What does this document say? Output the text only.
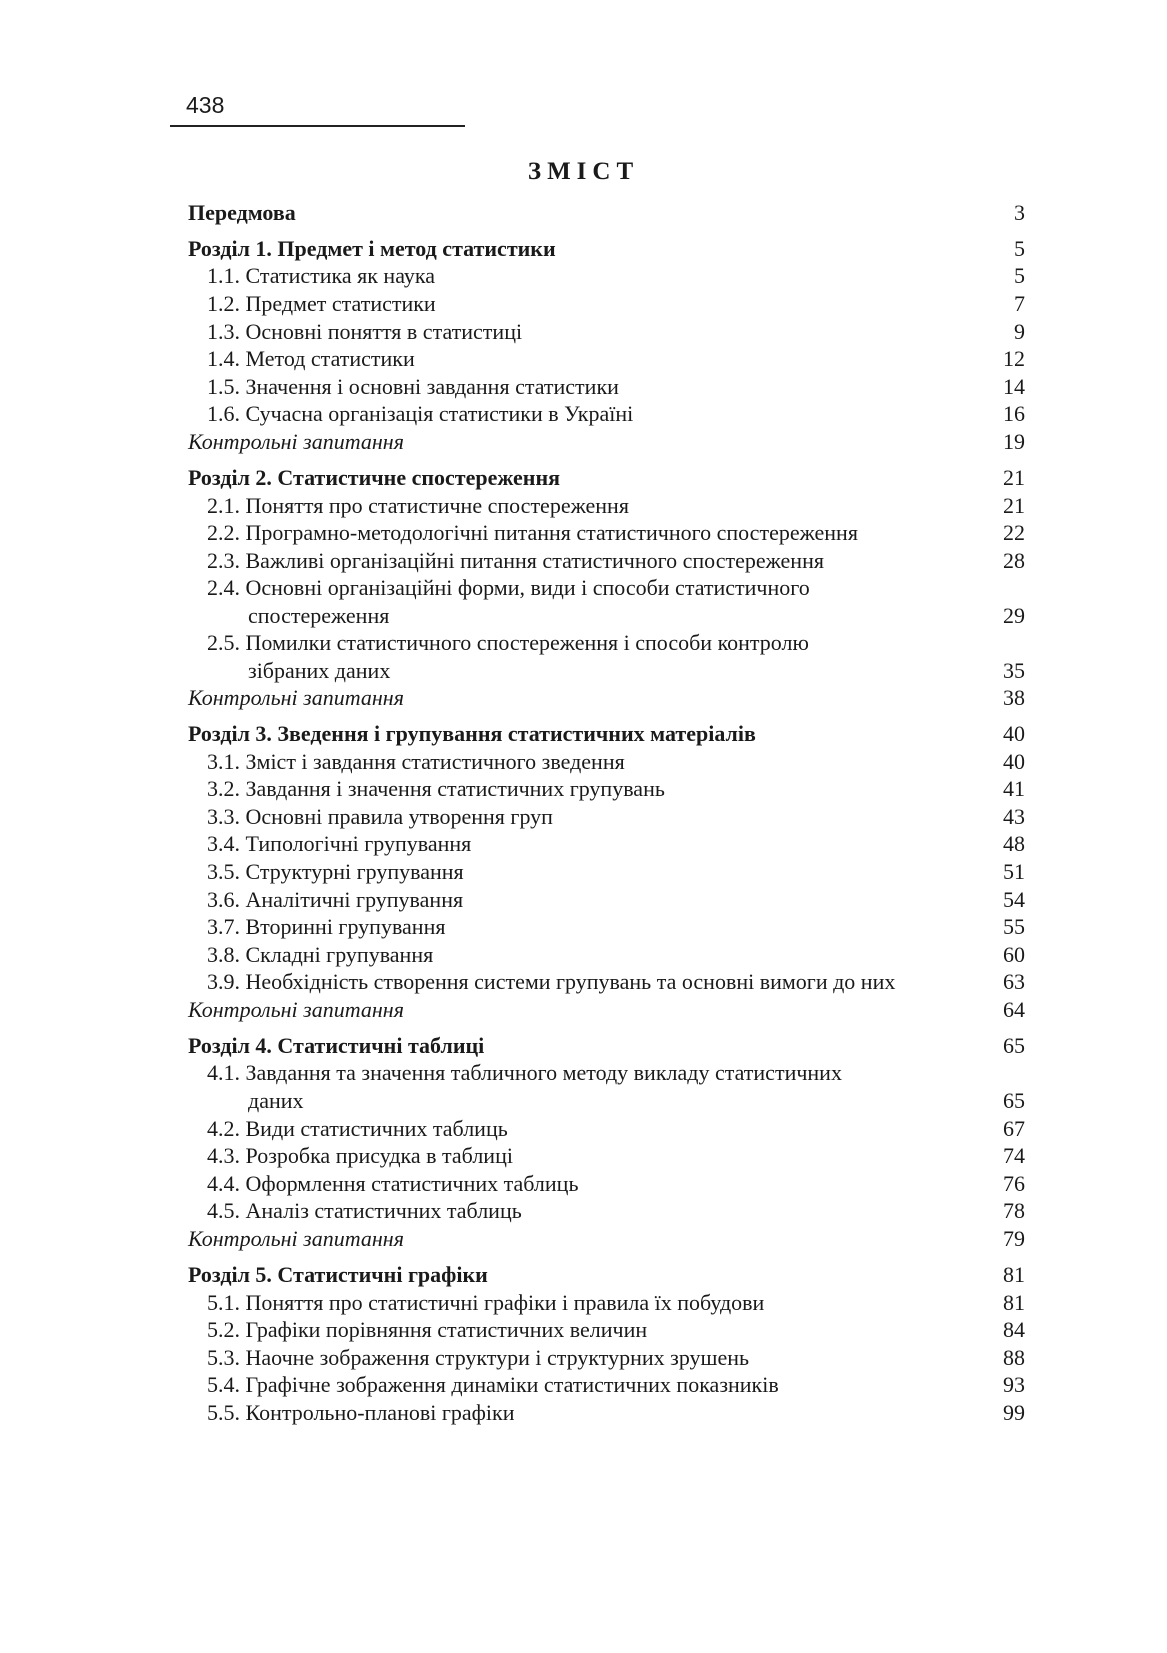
438
ЗМІСТ
Передмова	3
Розділ 1. Предмет і метод статистики	5
1.1. Статистика як наука	5
1.2. Предмет статистики	7
1.3. Основні поняття в статистиці	9
1.4. Метод статистики	12
1.5. Значення і основні завдання статистики	14
1.6. Сучасна організація статистики в Україні	16
Контрольні запитання	19
Розділ 2. Статистичне спостереження	21
2.1. Поняття про статистичне спостереження	21
2.2. Програмно-методологічні питання статистичного спостереження	22
2.3. Важливі організаційні питання статистичного спостереження	28
2.4. Основні організаційні форми, види і способи статистичного
спостереження	29
2.5. Помилки статистичного спостереження і способи контролю
зібраних даних	35
Контрольні запитання	38
Розділ 3. Зведення і групування статистичних матеріалів	40
3.1. Зміст і завдання статистичного зведення	40
3.2. Завдання і значення статистичних групувань	41
3.3. Основні правила утворення груп	43
3.4. Типологічні групування	48
3.5. Структурні групування	51
3.6. Аналітичні групування	54
3.7. Вторинні групування	55
3.8. Складні групування	60
3.9. Необхідність створення системи групувань та основні вимоги до них	63
Контрольні запитання	64
Розділ 4. Статистичні таблиці	65
4.1. Завдання та значення табличного методу викладу статистичних
даних	65
4.2. Види статистичних таблиць	67
4.3. Розробка присудка в таблиці	74
4.4. Оформлення статистичних таблиць	76
4.5. Аналіз статистичних таблиць	78
Контрольні запитання	79
Розділ 5. Статистичні графіки	81
5.1. Поняття про статистичні графіки і правила їх побудови	81
5.2. Графіки порівняння статистичних величин	84
5.3. Наочне зображення структури і структурних зрушень	88
5.4. Графічне зображення динаміки статистичних показників	93
5.5. Контрольно-планові графіки	99
